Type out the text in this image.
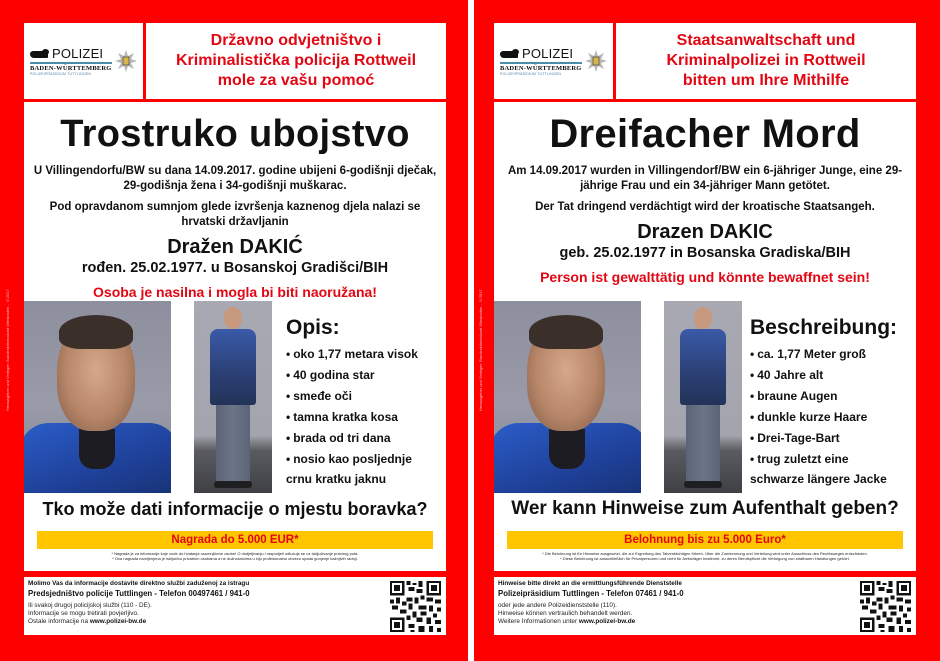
Herausgeber und Verleger: Bundeskriminalamt Wiesbaden - ©2017
POLIZEI
BADEN-WÜRTTEMBERG
POLIZEIPRÄSIDIUM TUTTLINGEN
Državno odvjetništvo i
Kriminalistička policija Rottweil
mole za vašu pomoć
Trostruko ubojstvo

U Villingendorfu/BW su dana 14.09.2017. godine ubijeni 6-godišnji dječak, 29-godišnja žena i 34-godišnji muškarac.

Pod opravdanom sumnjom glede izvršenja kaznenog djela nalazi se hrvatski državljanin

Dražen DAKIĆ
rođen. 25.02.1977. u Bosanskoj Gradišci/BIH
Osoba je nasilna i mogla bi biti naoružana!
Opis:
• oko 1,77 metara visok
• 40 godina star
• smeđe oči
• tamna kratka kosa
• brada od tri dana
• nosio kao posljednje
crnu kratku jaknu
Tko može dati informacije o mjestu boravka?
Nagrada do 5.000 EUR*
* Nagrada je za informacije koje vode do hvatanja osumnjičene osobe! O dodjeljivanju i raspodjeli odlučuje se uz isključivanje pravnog puta.
* Ova nagrada namijenjena je isključivo privatnim osobama a ne dužnosnicima u čiju profesionalnu obvezu spada gonjenje kažnjivih radnji.
Molimo Vas da informacije dostavite direktno službi zaduženoj za istragu
Predsjedništvo policije Tuttlingen - Telefon 00497461 / 941-0
Ili svakoj drugoj policijskoj službi (110 - DE).
Informacije se mogu tretirati povjerljivo.
Ostale informacije na www.polizei-bw.de
Herausgeber und Verleger: Bundeskriminalamt Wiesbaden - ©2017
POLIZEI
BADEN-WÜRTTEMBERG
POLIZEIPRÄSIDIUM TUTTLINGEN
Staatsanwaltschaft und
Kriminalpolizei in Rottweil
bitten um Ihre Mithilfe
Dreifacher Mord

Am 14.09.2017 wurden in Villingendorf/BW ein 6-jähriger Junge, eine 29- jährige Frau und ein 34-jähriger Mann getötet.

Der Tat dringend verdächtigt wird der kroatische Staatsangeh.

Drazen DAKIC
geb. 25.02.1977 in Bosanska Gradiska/BIH
Person ist gewalttätig und könnte bewaffnet sein!
Beschreibung:
• ca. 1,77 Meter groß
• 40 Jahre alt
• braune Augen
• dunkle kurze Haare
• Drei-Tage-Bart
• trug zuletzt eine
schwarze längere Jacke
Wer kann Hinweise zum Aufenthalt geben?
Belohnung bis zu 5.000 Euro*
* Die Belohnung ist für Hinweise ausgesetzt, die zur Ergreifung des Tatverdächtigen führen. Über die Zuerkennung und Verteilung wird unter Ausschluss des Rechtsweges entschieden.
* Diese Belohnung ist ausschließlich für Privatpersonen und nicht für Amtsträger bestimmt, zu deren Berufspflicht die Verfolgung von strafbaren Handlungen gehört.
Hinweise bitte direkt an die ermittlungsführende Dienststelle
Polizeipräsidium Tuttlingen - Telefon 07461 / 941-0
oder jede andere Polizeidienststelle (110).
Hinweise können vertraulich behandelt werden.
Weitere Informationen unter www.polizei-bw.de
